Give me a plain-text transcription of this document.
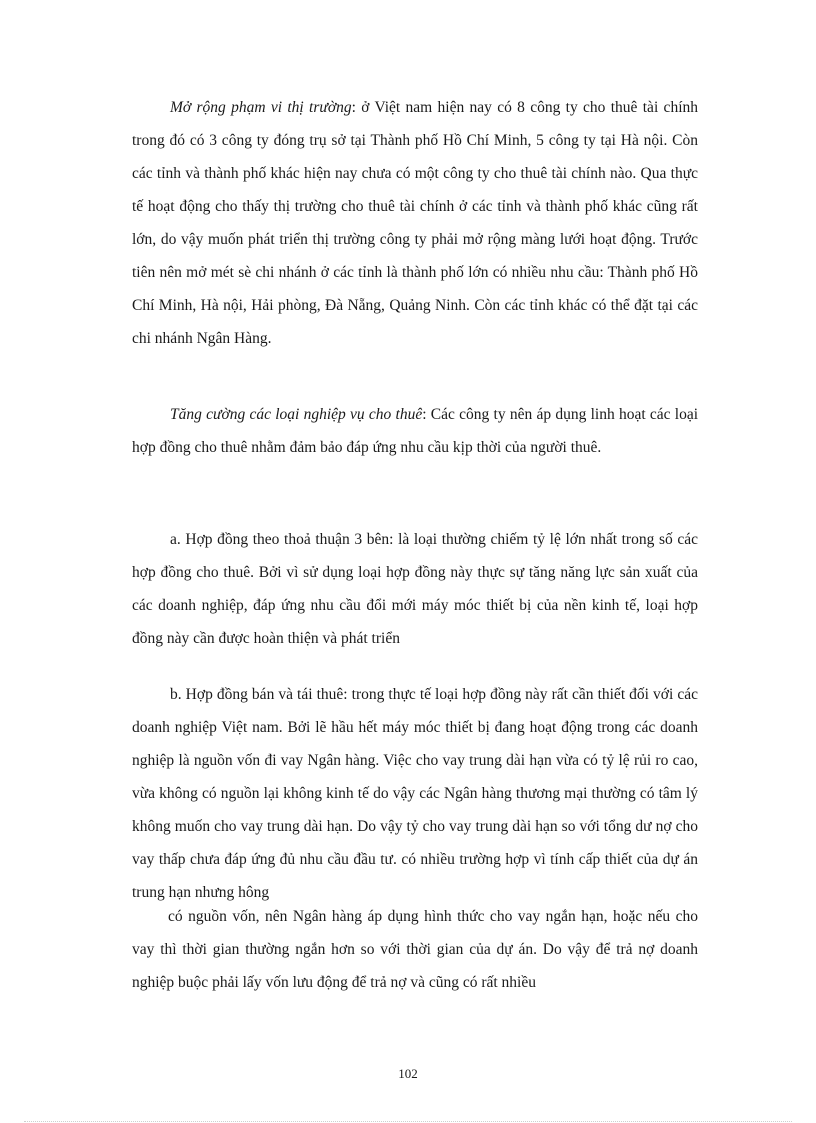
Mở rộng phạm vi thị trường: ở Việt nam hiện nay có 8 công ty cho thuê tài chính trong đó có 3 công ty đóng trụ sở tại Thành phố Hồ Chí Minh, 5 công ty tại Hà nội. Còn các tỉnh và thành phố khác hiện nay chưa có một công ty cho thuê tài chính nào. Qua thực tế hoạt động cho thấy thị trường cho thuê tài chính ở các tỉnh và thành phố khác cũng rất lớn, do vậy muốn phát triển thị trường công ty phải mở rộng màng lưới hoạt động. Trước tiên nên mở mét sè chi nhánh ở các tỉnh là thành phố lớn có nhiều nhu cầu: Thành phố Hồ Chí Minh, Hà nội, Hải phòng, Đà Nẵng, Quảng Ninh. Còn các tỉnh khác có thể đặt tại các chi nhánh Ngân Hàng.

Tăng cường các loại nghiệp vụ cho thuê: Các công ty nên áp dụng linh hoạt các loại hợp đồng cho thuê nhằm đảm bảo đáp ứng nhu cầu kịp thời của người thuê.

a. Hợp đồng theo thoả thuận 3 bên: là loại thường chiếm tỷ lệ lớn nhất trong số các hợp đồng cho thuê. Bởi vì sử dụng loại hợp đồng này thực sự tăng năng lực sản xuất của các doanh nghiệp, đáp ứng nhu cầu đổi mới máy móc thiết bị của nền kinh tế, loại hợp đồng này cần được hoàn thiện và phát triển

b. Hợp đồng bán và tái thuê: trong thực tế loại hợp đồng này rất cần thiết đối với các doanh nghiệp Việt nam. Bởi lẽ hầu hết máy móc thiết bị đang hoạt động trong các doanh nghiệp là nguồn vốn đi vay Ngân hàng. Việc cho vay trung dài hạn vừa có tỷ lệ rủi ro cao, vừa không có nguồn lại không kinh tế do vậy các Ngân hàng thương mại thường có tâm lý không muốn cho vay trung dài hạn. Do vậy tỷ cho vay trung dài hạn so với tổng dư nợ cho vay thấp chưa đáp ứng đủ nhu cầu đầu tư. có nhiều trường hợp vì tính cấp thiết của dự án trung hạn nhưng hông

có nguồn vốn, nên Ngân hàng áp dụng hình thức cho vay ngắn hạn, hoặc nếu cho vay thì thời gian thường ngắn hơn so với thời gian của dự án. Do vậy để trả nợ doanh nghiệp buộc phải lấy vốn lưu động để trả nợ và cũng có rất nhiều

102
